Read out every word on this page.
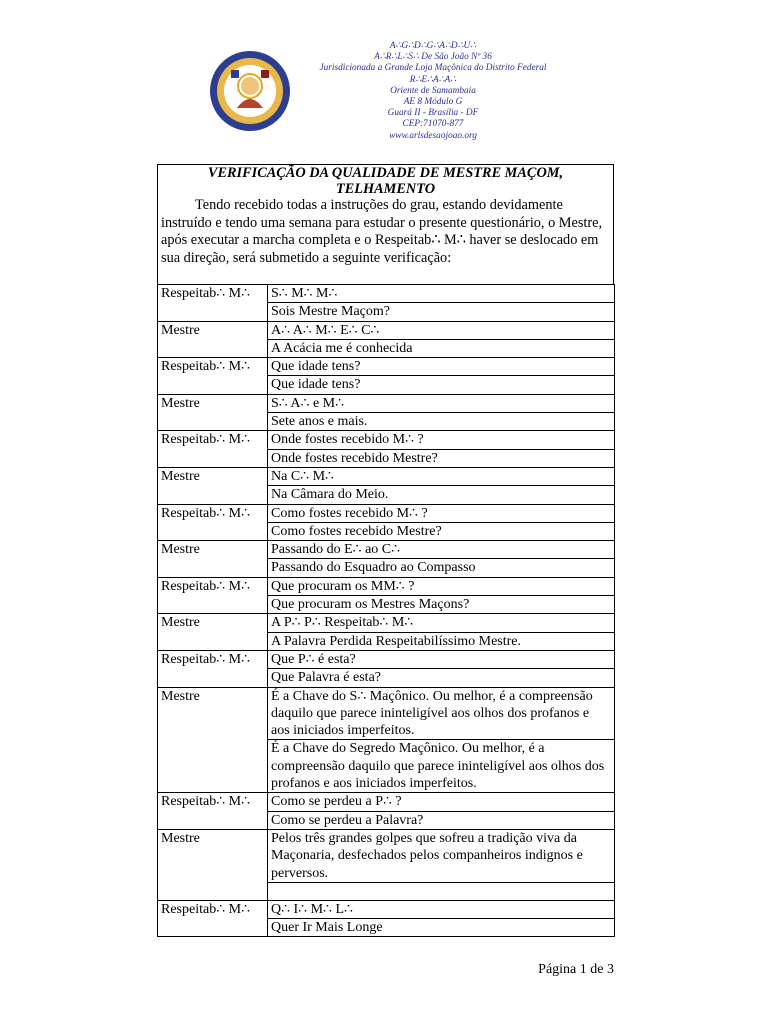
A∴G∴D∴G∴A∴D∴U∴
A∴R∴L∴S∴ De São João Nº 36
Jurisdicionada a Grande Loja Maçônica do Distrito Federal
R∴E∴A∴A∴
Oriente de Samambaia
AE 8 Módulo G
Guará II - Brasília - DF
CEP:71070-877
www.arlsdesaojoao.org
VERIFICAÇÃO DA QUALIDADE DE MESTRE MAÇOM,
TELHAMENTO

Tendo recebido todas a instruções do grau, estando devidamente instruído e tendo uma semana para estudar o presente questionário, o Mestre, após executar a marcha completa e o Respeitab∴ M∴ haver se deslocado em sua direção, será submetido a seguinte verificação:

Respeitab∴ M∴	S∴ M∴ M∴
	Sois Mestre Maçom?
Mestre	A∴ A∴ M∴ E∴ C∴
	A Acácia me é conhecida
Respeitab∴ M∴	Que idade tens?
	Que idade tens?
Mestre	S∴ A∴ e M∴
	Sete anos e mais.
Respeitab∴ M∴	Onde fostes recebido M∴ ?
	Onde fostes recebido Mestre?
Mestre	Na C∴ M∴
	Na Câmara do Meio.
Respeitab∴ M∴	Como fostes recebido M∴ ?
	Como fostes recebido Mestre?
Mestre	Passando do E∴ ao C∴
	Passando do Esquadro ao Compasso
Respeitab∴ M∴	Que procuram os MM∴ ?
	Que procuram os Mestres Maçons?
Mestre	A P∴ P∴ Respeitab∴ M∴
	A Palavra Perdida Respeitabilíssimo Mestre.
Respeitab∴ M∴	Que P∴ é esta?
	Que Palavra é esta?
Mestre	É a Chave do S∴ Maçônico. Ou melhor, é a compreensão daquilo que parece ininteligível aos olhos dos profanos e aos iniciados imperfeitos.
	É a Chave do Segredo Maçônico. Ou melhor, é a compreensão daquilo que parece ininteligível aos olhos dos profanos e aos iniciados imperfeitos.
Respeitab∴ M∴	Como se perdeu a P∴ ?
	Como se perdeu a Palavra?
Mestre	Pelos três grandes golpes que sofreu a tradição viva da Maçonaria, desfechados pelos companheiros indignos e perversos.

Respeitab∴ M∴	Q∴ I∴ M∴ L∴
	Quer Ir Mais Longe
Página 1 de 3
